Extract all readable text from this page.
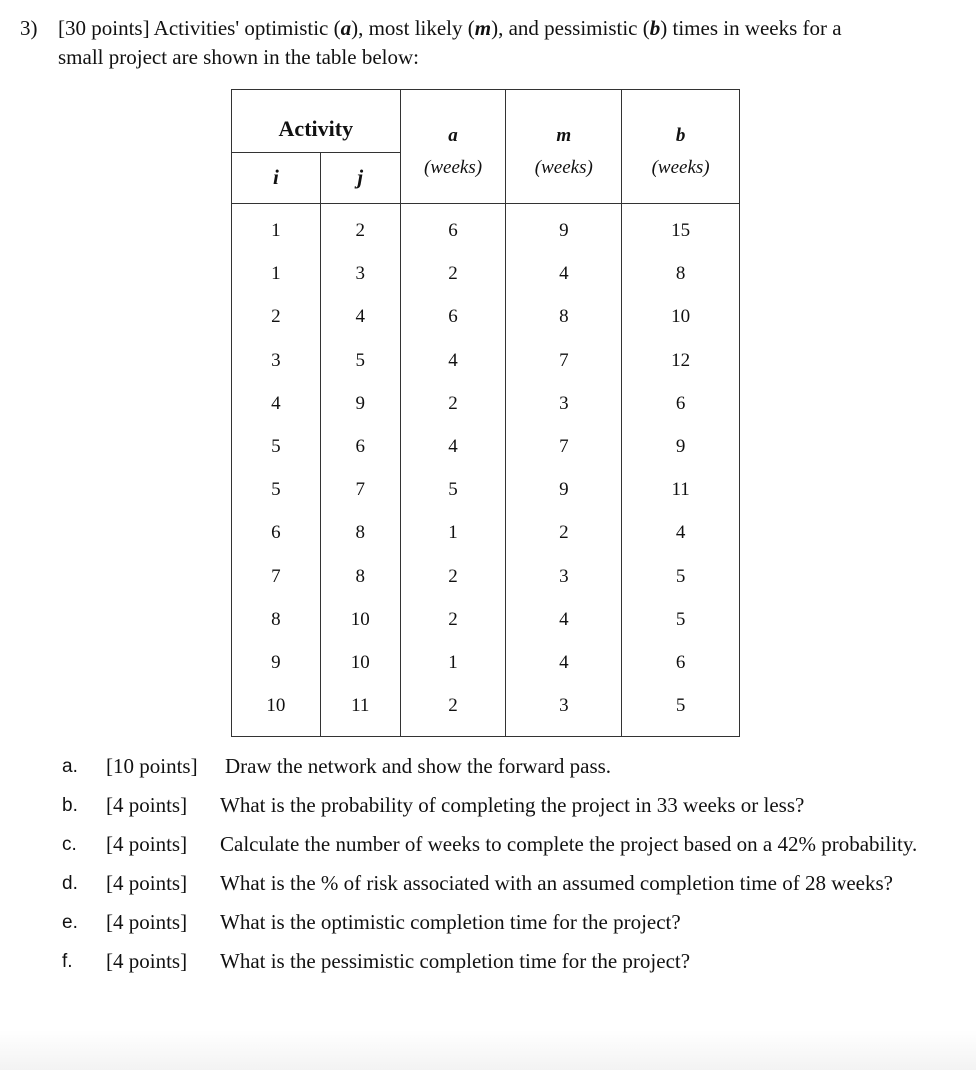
3) [30 points] Activities' optimistic (a), most likely (m), and pessimistic (b) times in weeks for a
small project are shown in the table below:
Activity		a	m	b
i	j	(weeks)	(weeks)	(weeks)
1	2	6	9	15
1	3	2	4	8
2	4	6	8	10
3	5	4	7	12
4	9	2	3	6
5	6	4	7	9
5	7	5	9	11
6	8	1	2	4
7	8	2	3	5
8	10	2	4	5
9	10	1	4	6
10	11	2	3	5
a.	[10 points]	Draw the network and show the forward pass.
b.	[4 points]	What is the probability of completing the project in 33 weeks or less?
c.	[4 points]	Calculate the number of weeks to complete the project based on a 42% probability.
d.	[4 points]	What is the % of risk associated with an assumed completion time of 28 weeks?
e.	[4 points]	What is the optimistic completion time for the project?
f.	[4 points]	What is the pessimistic completion time for the project?
